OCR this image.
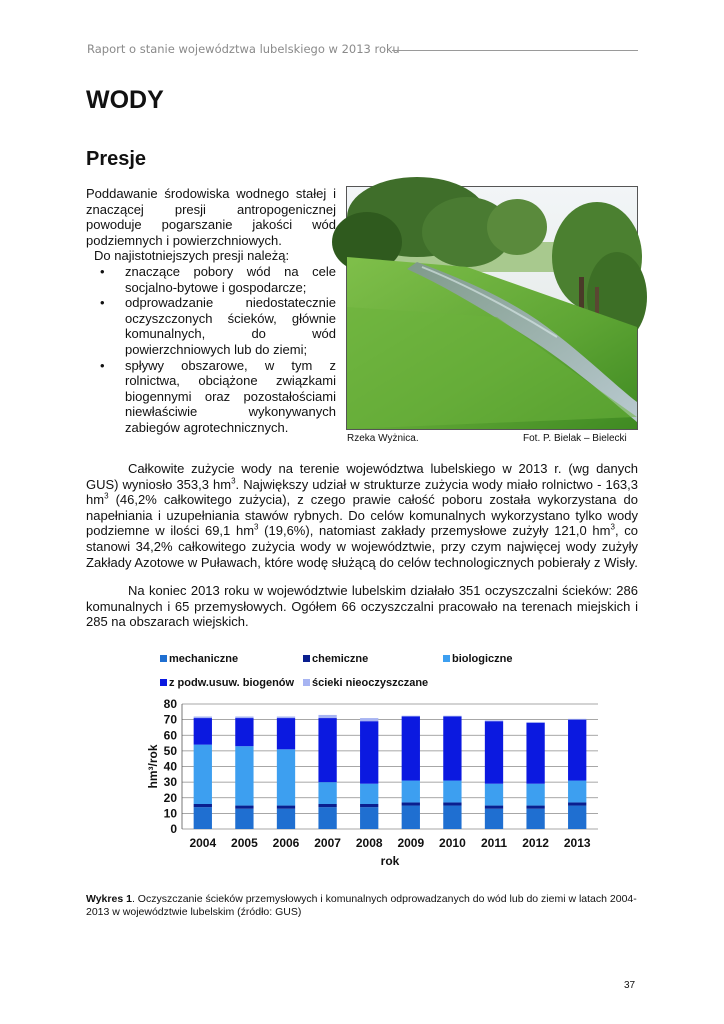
Raport o stanie województwa lubelskiego w 2013 roku
WODY
Presje

Poddawanie środowiska wodnego stałej i znaczącej presji antropogenicznej powoduje pogarszanie jakości wód podziemnych i powierzchniowych.

Do najistotniejszych presji należą:

• znaczące pobory wód na cele socjalno-bytowe i gospodarcze;
• odprowadzanie niedostatecznie oczyszczonych ścieków, głównie komunalnych, do wód powierzchniowych lub do ziemi;
• spływy obszarowe, w tym z rolnictwa, obciążone związkami biogennymi oraz pozostałościami niewłaściwie wykonywanych zabiegów agrotechnicznych.
Rzeka Wyżnica.	Fot. P. Bielak – Bielecki

Całkowite zużycie wody na terenie województwa lubelskiego w 2013 r. (wg danych GUS) wyniosło 353,3 $hm^3$. Największy udział w strukturze zużycia wody miało rolnictwo - 163,3 $hm^3$ (46,2% całkowitego zużycia), z czego prawie całość poboru została wykorzystana do napełniania i uzupełniania stawów rybnych. Do celów komunalnych wykorzystano tylko wody podziemne w ilości 69,1 $hm^3$ (19,6%), natomiast zakłady przemysłowe zużyły 121,0 $hm^3$, co stanowi 34,2% całkowitego zużycia wody w województwie, przy czym najwięcej wody zużyły Zakłady Azotowe w Puławach, które wodę służącą do celów technologicznych pobierały z Wisły.

Na koniec 2013 roku w województwie lubelskim działało 351 oczyszczalni ścieków: 286 komunalnych i 65 przemysłowych. Ogółem 66 oczyszczalni pracowało na terenach miejskich i 285 na obszarach wiejskich.

mechaniczne	chemiczne	biologiczne
z podw.usuw. biogenów ścieki nieoczyszczane
0
10
20
30
40
50
60
70
80
2004 2005 2006 2007 2008 2009 2010 2011 2012 2013
rok
hm³/rok

Wykres 1. Oczyszczanie ścieków przemysłowych i komunalnych odprowadzanych do wód lub do ziemi w latach 2004-2013 w województwie lubelskim (źródło: GUS)

37
